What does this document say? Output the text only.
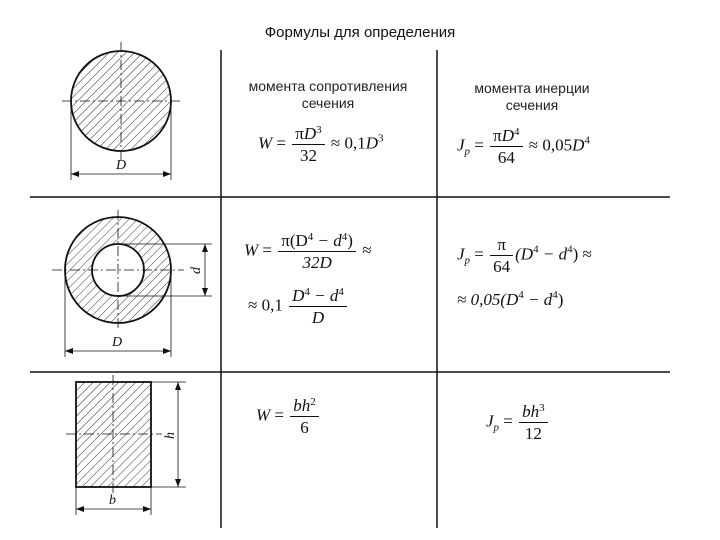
Формулы для определения
D
D
d
h
b
момента сопротивления
сечения
момента инерции
сечения
$W = \frac{\pi D^3}{32} \approx 0,1D^3$	$J_p = \frac{\pi D^4}{64} \approx 0,05D^4$
$W = \frac{\pi(D^4 - d^4)}{32D}$ ≈
≈ $0,1 \frac{D^4 - d^4}{D}$
$J_p = \frac{\pi}{64} (D^4 - d^4)$ ≈
≈ $0,05(D^4 - d^4)$
$W = \frac{bh^2}{6}$	$J_p = \frac{bh^3}{12}$
